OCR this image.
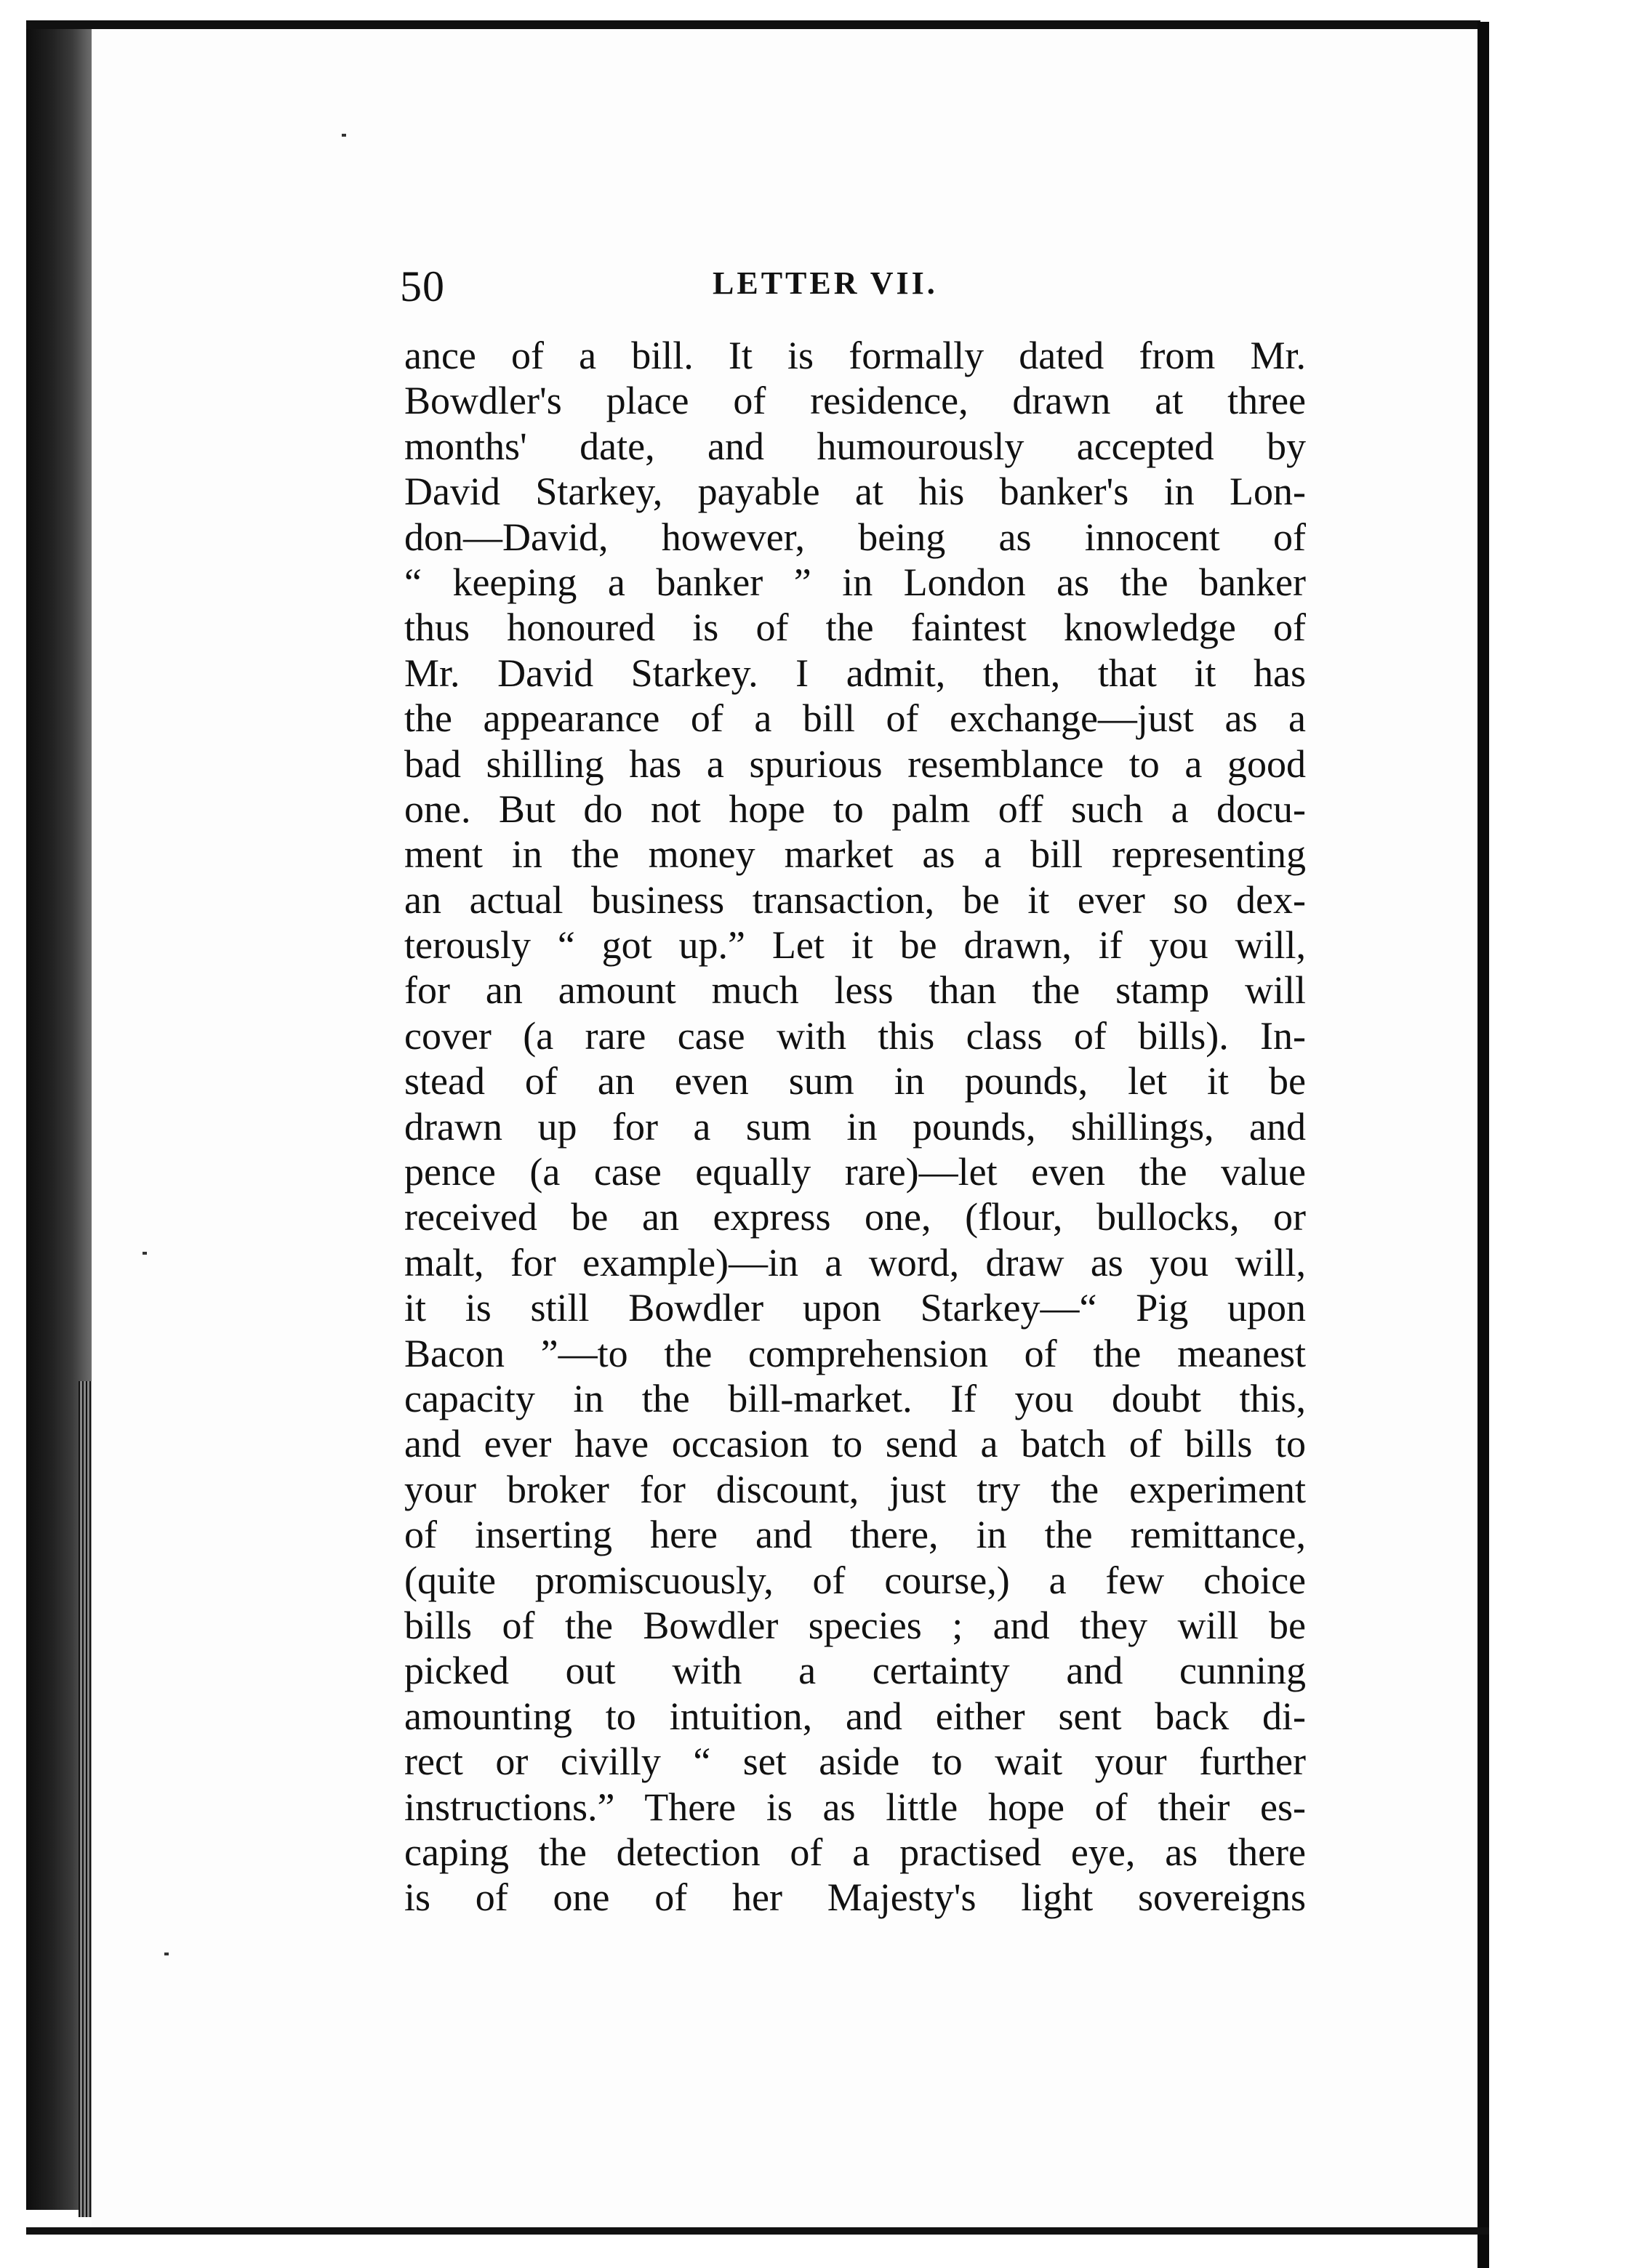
50	LETTER VII.
ance of a bill. It is formally dated from Mr.
Bowdler's place of residence, drawn at three
months' date, and humourously accepted by
David Starkey, payable at his banker's in Lon-
don—David, however, being as innocent of
“ keeping a banker ” in London as the banker
thus honoured is of the faintest knowledge of
Mr. David Starkey. I admit, then, that it has
the appearance of a bill of exchange—just as a
bad shilling has a spurious resemblance to a good
one. But do not hope to palm off such a docu-
ment in the money market as a bill representing
an actual business transaction, be it ever so dex-
terously “ got up.” Let it be drawn, if you will,
for an amount much less than the stamp will
cover (a rare case with this class of bills). In-
stead of an even sum in pounds, let it be
drawn up for a sum in pounds, shillings, and
pence (a case equally rare)—let even the value
received be an express one, (flour, bullocks, or
malt, for example)—in a word, draw as you will,
it is still Bowdler upon Starkey—“ Pig upon
Bacon ”—to the comprehension of the meanest
capacity in the bill-market. If you doubt this,
and ever have occasion to send a batch of bills to
your broker for discount, just try the experiment
of inserting here and there, in the remittance,
(quite promiscuously, of course,) a few choice
bills of the Bowdler species ; and they will be
picked out with a certainty and cunning
amounting to intuition, and either sent back di-
rect or civilly “ set aside to wait your further
instructions.” There is as little hope of their es-
caping the detection of a practised eye, as there
is of one of her Majesty's light sovereigns
